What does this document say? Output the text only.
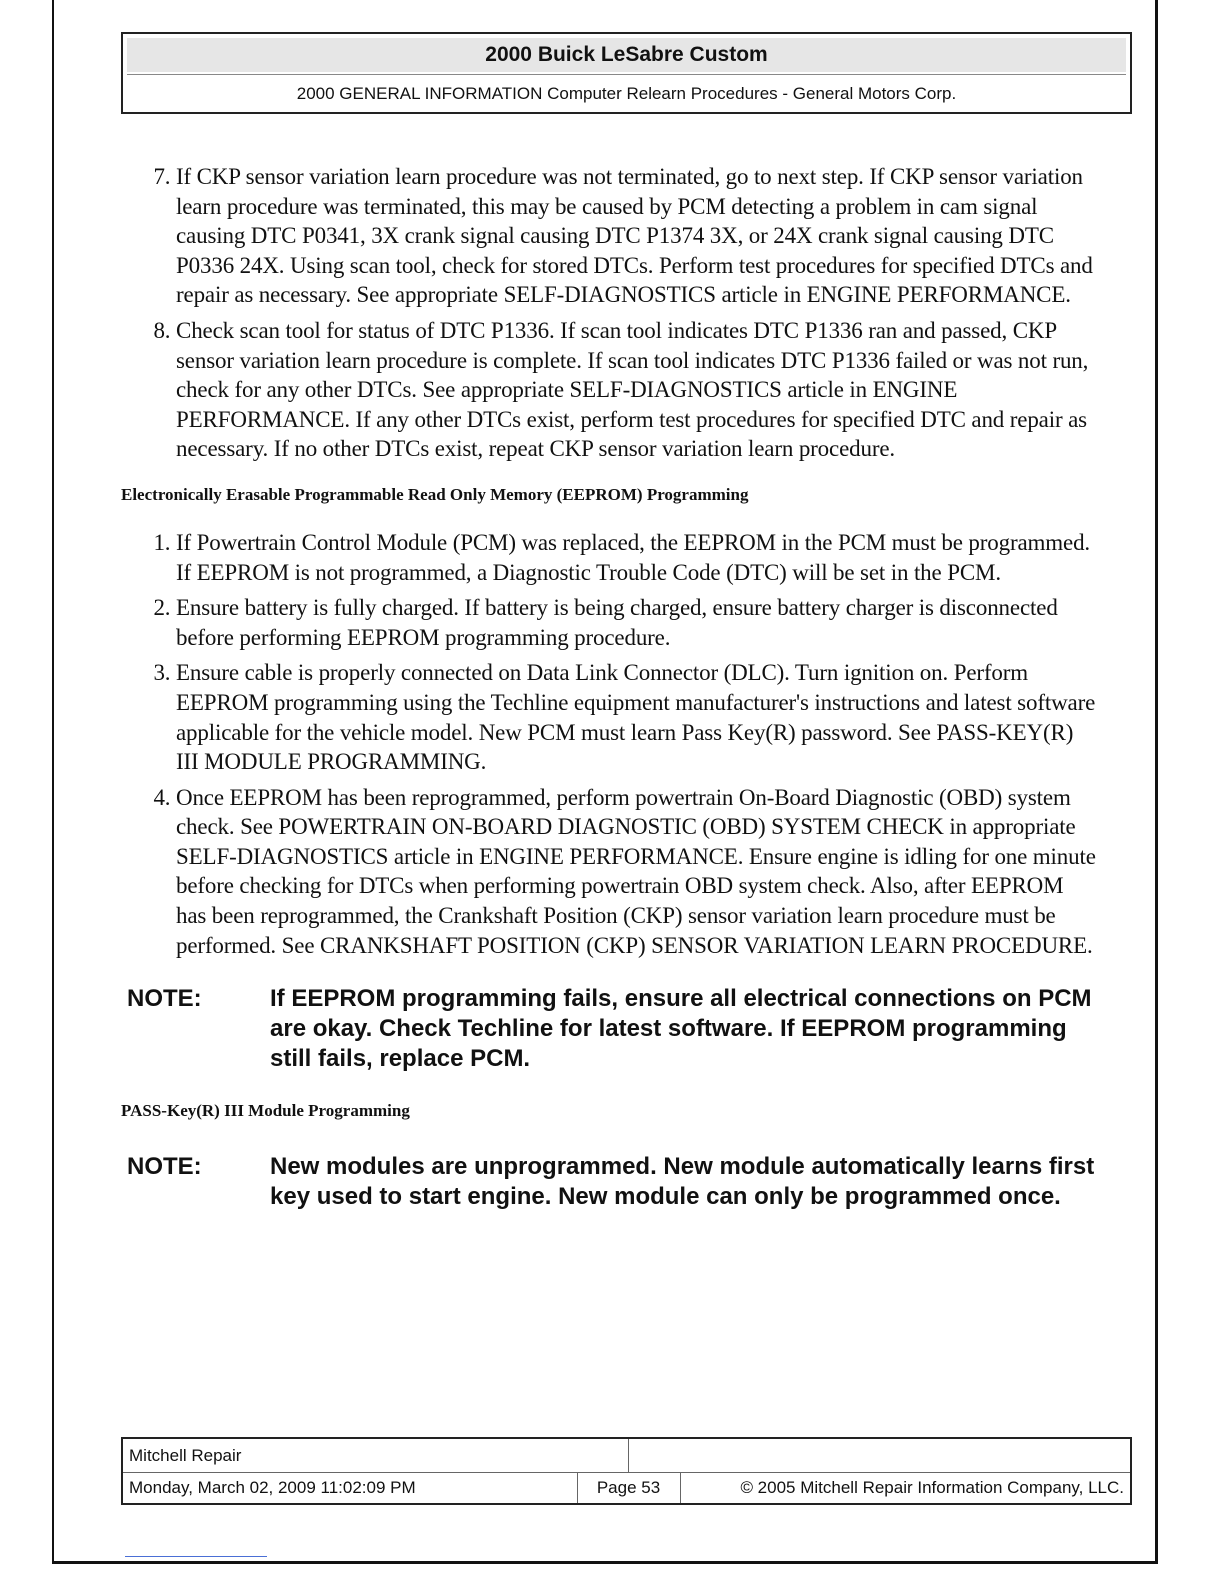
2000 Buick LeSabre Custom
2000 GENERAL INFORMATION Computer Relearn Procedures - General Motors Corp.
7. If CKP sensor variation learn procedure was not terminated, go to next step. If CKP sensor variation learn procedure was terminated, this may be caused by PCM detecting a problem in cam signal causing DTC P0341, 3X crank signal causing DTC P1374 3X, or 24X crank signal causing DTC P0336 24X. Using scan tool, check for stored DTCs. Perform test procedures for specified DTCs and repair as necessary. See appropriate SELF-DIAGNOSTICS article in ENGINE PERFORMANCE.
8. Check scan tool for status of DTC P1336. If scan tool indicates DTC P1336 ran and passed, CKP sensor variation learn procedure is complete. If scan tool indicates DTC P1336 failed or was not run, check for any other DTCs. See appropriate SELF-DIAGNOSTICS article in ENGINE PERFORMANCE. If any other DTCs exist, perform test procedures for specified DTC and repair as necessary. If no other DTCs exist, repeat CKP sensor variation learn procedure.
Electronically Erasable Programmable Read Only Memory (EEPROM) Programming
1. If Powertrain Control Module (PCM) was replaced, the EEPROM in the PCM must be programmed. If EEPROM is not programmed, a Diagnostic Trouble Code (DTC) will be set in the PCM.
2. Ensure battery is fully charged. If battery is being charged, ensure battery charger is disconnected before performing EEPROM programming procedure.
3. Ensure cable is properly connected on Data Link Connector (DLC). Turn ignition on. Perform EEPROM programming using the Techline equipment manufacturer's instructions and latest software applicable for the vehicle model. New PCM must learn Pass Key(R) password. See PASS-KEY(R) III MODULE PROGRAMMING.
4. Once EEPROM has been reprogrammed, perform powertrain On-Board Diagnostic (OBD) system check. See POWERTRAIN ON-BOARD DIAGNOSTIC (OBD) SYSTEM CHECK in appropriate SELF-DIAGNOSTICS article in ENGINE PERFORMANCE. Ensure engine is idling for one minute before checking for DTCs when performing powertrain OBD system check. Also, after EEPROM has been reprogrammed, the Crankshaft Position (CKP) sensor variation learn procedure must be performed. See CRANKSHAFT POSITION (CKP) SENSOR VARIATION LEARN PROCEDURE.
NOTE:	If EEPROM programming fails, ensure all electrical connections on PCM are okay. Check Techline for latest software. If EEPROM programming still fails, replace PCM.
PASS-Key(R) III Module Programming
NOTE:	New modules are unprogrammed. New module automatically learns first key used to start engine. New module can only be programmed once.
Mitchell Repair
Monday, March 02, 2009 11:02:09 PM	Page 53	© 2005 Mitchell Repair Information Company, LLC.
